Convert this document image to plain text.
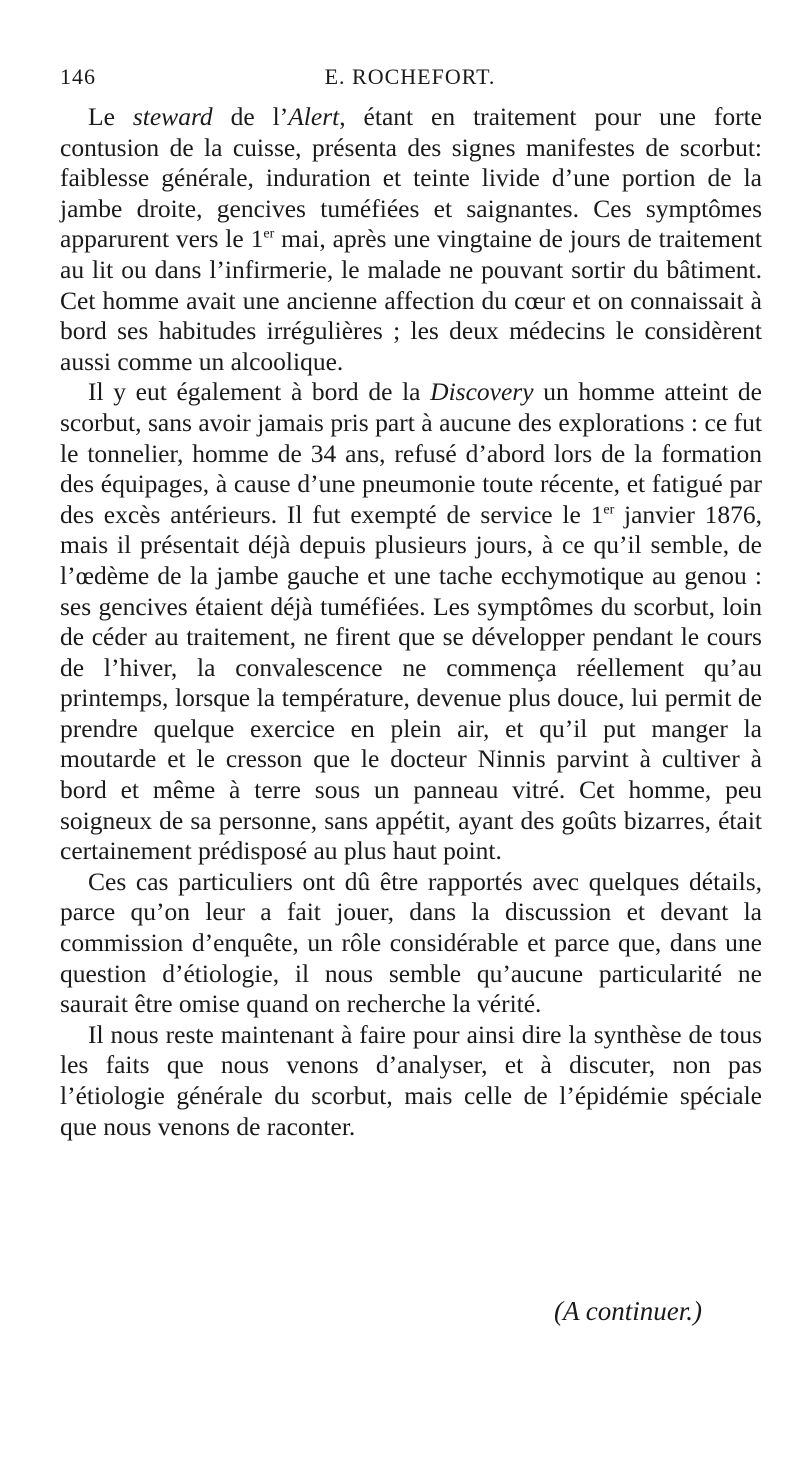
146	E. ROCHEFORT.

Le steward de l’Alert, étant en traitement pour une forte contusion de la cuisse, présenta des signes manifestes de scorbut: faiblesse générale, induration et teinte livide d’une portion de la jambe droite, gencives tuméfiées et saignantes. Ces symptômes apparurent vers le 1er mai, après une vingtaine de jours de traitement au lit ou dans l’infirmerie, le malade ne pouvant sortir du bâtiment. Cet homme avait une ancienne affection du cœur et on connaissait à bord ses habitudes irrégulières ; les deux médecins le considèrent aussi comme un alcoolique.

Il y eut également à bord de la Discovery un homme atteint de scorbut, sans avoir jamais pris part à aucune des explorations : ce fut le tonnelier, homme de 34 ans, refusé d’abord lors de la formation des équipages, à cause d’une pneumonie toute récente, et fatigué par des excès antérieurs. Il fut exempté de service le 1er janvier 1876, mais il présentait déjà depuis plusieurs jours, à ce qu’il semble, de l’œdème de la jambe gauche et une tache ecchymotique au genou : ses gencives étaient déjà tuméfiées. Les symptômes du scorbut, loin de céder au traitement, ne firent que se développer pendant le cours de l’hiver, la convalescence ne commença réellement qu’au printemps, lorsque la température, devenue plus douce, lui permit de prendre quelque exercice en plein air, et qu’il put manger la moutarde et le cresson que le docteur Ninnis parvint à cultiver à bord et même à terre sous un panneau vitré. Cet homme, peu soigneux de sa personne, sans appétit, ayant des goûts bizarres, était certainement prédisposé au plus haut point.

Ces cas particuliers ont dû être rapportés avec quelques détails, parce qu’on leur a fait jouer, dans la discussion et devant la commission d’enquête, un rôle considérable et parce que, dans une question d’étiologie, il nous semble qu’aucune particularité ne saurait être omise quand on recherche la vérité.

Il nous reste maintenant à faire pour ainsi dire la synthèse de tous les faits que nous venons d’analyser, et à discuter, non pas l’étiologie générale du scorbut, mais celle de l’épidémie spéciale que nous venons de raconter.

(A continuer.)
